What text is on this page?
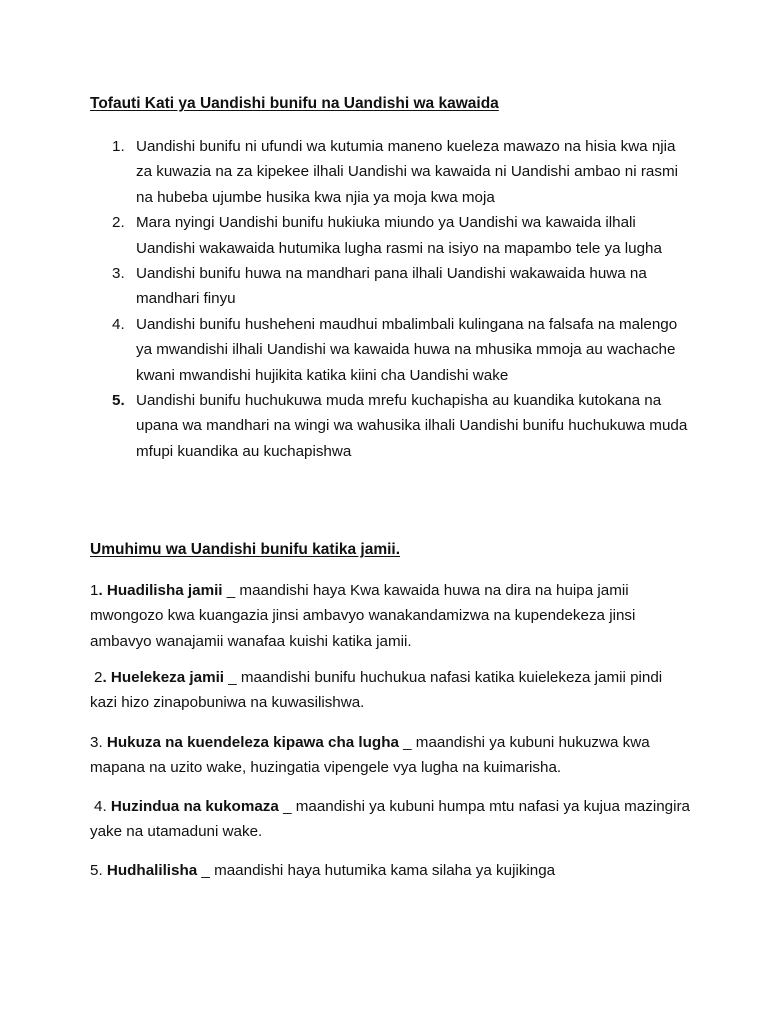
Tofauti Kati ya Uandishi bunifu na Uandishi wa kawaida
1. Uandishi bunifu ni ufundi wa kutumia maneno kueleza mawazo na hisia kwa njia za kuwazia na za kipekee ilhali Uandishi wa kawaida ni Uandishi ambao ni rasmi na hubeba ujumbe husika kwa njia ya moja kwa moja
2. Mara nyingi Uandishi bunifu hukiuka miundo ya Uandishi wa kawaida ilhali Uandishi wakawaida hutumika lugha rasmi na isiyo na mapambo tele ya lugha
3. Uandishi bunifu huwa na mandhari pana ilhali Uandishi wakawaida huwa na mandhari finyu
4. Uandishi bunifu husheheni maudhui mbalimbali kulingana na falsafa na malengo ya mwandishi ilhali Uandishi wa kawaida huwa na mhusika mmoja au wachache kwani mwandishi hujikita katika kiini cha Uandishi wake
5. Uandishi bunifu huchukuwa muda mrefu kuchapisha au kuandika kutokana na upana wa mandhari na wingi wa wahusika ilhali Uandishi bunifu huchukuwa muda mfupi kuandika au kuchapishwa
Umuhimu wa Uandishi bunifu katika jamii.

1. Huadilisha jamii _ maandishi haya Kwa kawaida huwa na dira na huipa jamii mwongozo kwa kuangazia jinsi ambavyo wanakandamizwa na kupendekeza jinsi ambavyo wanajamii wanafaa kuishi katika jamii.

2. Huelekeza jamii _ maandishi bunifu huchukua nafasi katika kuielekeza jamii pindi kazi hizo zinapobuniwa na kuwasilishwa.

3. Hukuza na kuendeleza kipawa cha lugha _ maandishi ya kubuni hukuzwa kwa mapana na uzito wake, huzingatia vipengele vya lugha na kuimarisha.

4. Huzindua na kukomaza _ maandishi ya kubuni humpa mtu nafasi ya kujua mazingira yake na utamaduni wake.

5. Hudhalilisha _ maandishi haya hutumika kama silaha ya kujikinga
